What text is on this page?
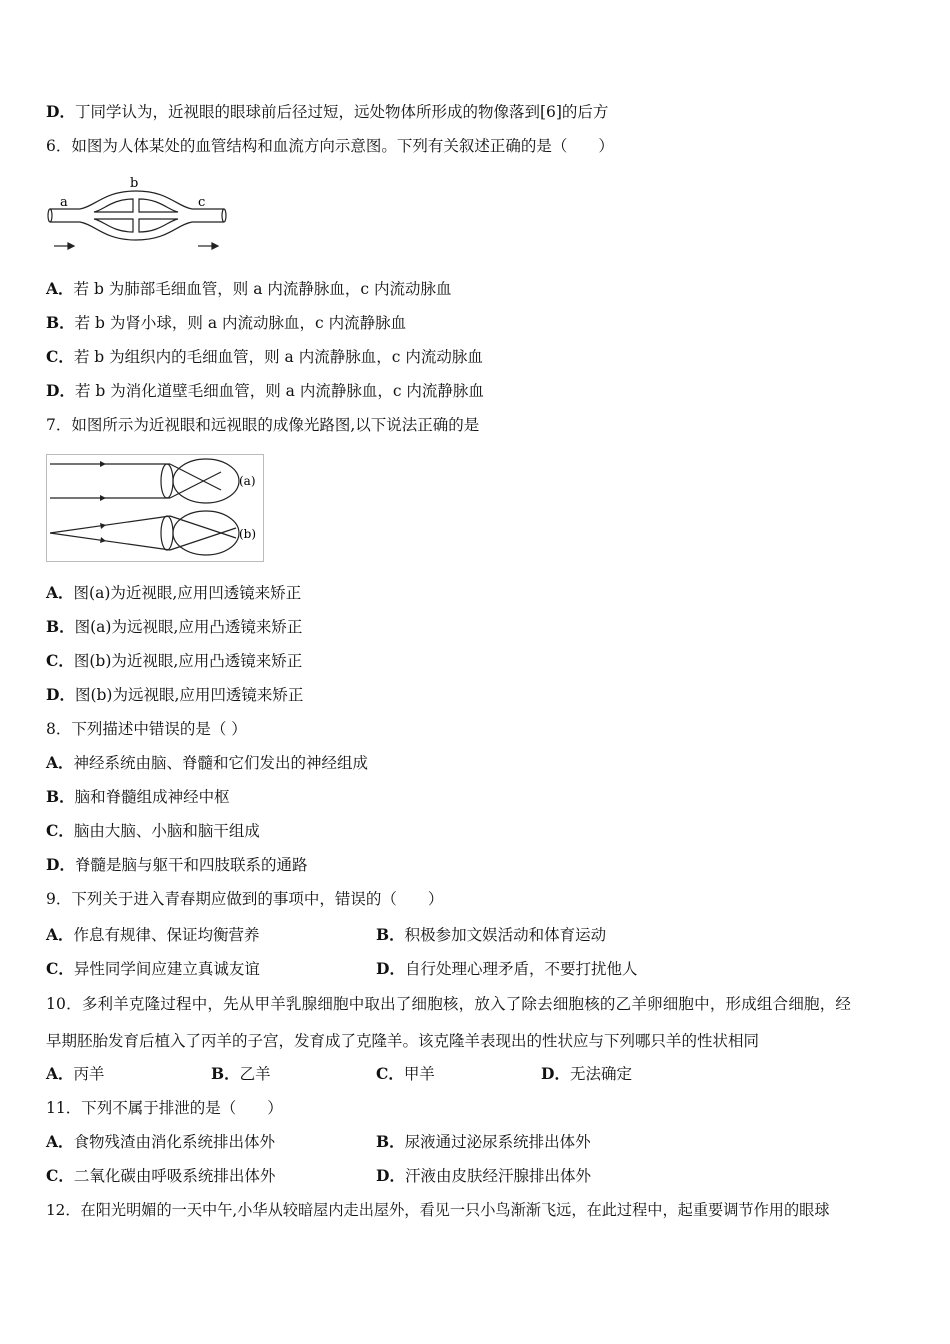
D．丁同学认为，近视眼的眼球前后径过短，远处物体所形成的物像落到[6]的后方
6．如图为人体某处的血管结构和血流方向示意图。下列有关叙述正确的是（　　）
a
b
c
A．若 b 为肺部毛细血管，则 a 内流静脉血，c 内流动脉血
B．若 b 为肾小球，则 a 内流动脉血，c 内流静脉血
C．若 b 为组织内的毛细血管，则 a 内流静脉血，c 内流动脉血
D．若 b 为消化道壁毛细血管，则 a 内流静脉血，c 内流静脉血
7．如图所示为近视眼和远视眼的成像光路图,以下说法正确的是
(a)
(b)
A．图(a)为近视眼,应用凹透镜来矫正
B．图(a)为远视眼,应用凸透镜来矫正
C．图(b)为近视眼,应用凸透镜来矫正
D．图(b)为远视眼,应用凹透镜来矫正
8．下列描述中错误的是（ ）
A．神经系统由脑、脊髓和它们发出的神经组成
B．脑和脊髓组成神经中枢
C．脑由大脑、小脑和脑干组成
D．脊髓是脑与躯干和四肢联系的通路
9．下列关于进入青春期应做到的事项中，错误的（　　）
A．作息有规律、保证均衡营养	B．积极参加文娱活动和体育运动
C．异性同学间应建立真诚友谊	D．自行处理心理矛盾，不要打扰他人
10．多利羊克隆过程中，先从甲羊乳腺细胞中取出了细胞核，放入了除去细胞核的乙羊卵细胞中，形成组合细胞，经
早期胚胎发育后植入了丙羊的子宫，发育成了克隆羊。该克隆羊表现出的性状应与下列哪只羊的性状相同
A．丙羊	B．乙羊	C．甲羊	D．无法确定
11．下列不属于排泄的是（　　）
A．食物残渣由消化系统排出体外	B．尿液通过泌尿系统排出体外
C．二氧化碳由呼吸系统排出体外	D．汗液由皮肤经汗腺排出体外
12．在阳光明媚的一天中午,小华从较暗屋内走出屋外，看见一只小鸟渐渐飞远，在此过程中，起重要调节作用的眼球
